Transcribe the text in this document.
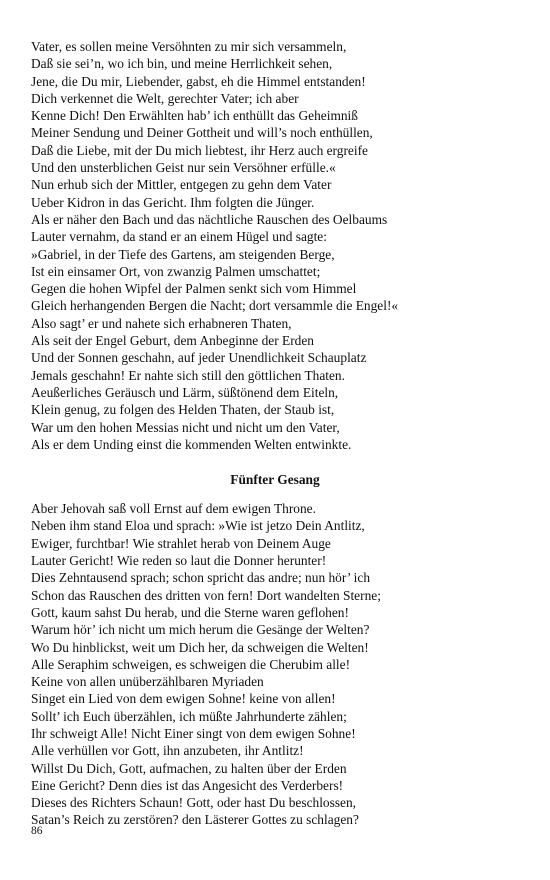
Vater, es sollen meine Versöhnten zu mir sich versammeln,
Daß sie sei’n, wo ich bin, und meine Herrlichkeit sehen,
Jene, die Du mir, Liebender, gabst, eh die Himmel entstanden!
Dich verkennet die Welt, gerechter Vater; ich aber
Kenne Dich! Den Erwählten hab’ ich enthüllt das Geheimniß
Meiner Sendung und Deiner Gottheit und will’s noch enthüllen,
Daß die Liebe, mit der Du mich liebtest, ihr Herz auch ergreife
Und den unsterblichen Geist nur sein Versöhner erfülle.«
Nun erhub sich der Mittler, entgegen zu gehn dem Vater
Ueber Kidron in das Gericht. Ihm folgten die Jünger.
Als er näher den Bach und das nächtliche Rauschen des Oelbaums
Lauter vernahm, da stand er an einem Hügel und sagte:
»Gabriel, in der Tiefe des Gartens, am steigenden Berge,
Ist ein einsamer Ort, von zwanzig Palmen umschattet;
Gegen die hohen Wipfel der Palmen senkt sich vom Himmel
Gleich herhangenden Bergen die Nacht; dort versammle die Engel!«
Also sagt’ er und nahete sich erhabneren Thaten,
Als seit der Engel Geburt, dem Anbeginne der Erden
Und der Sonnen geschahn, auf jeder Unendlichkeit Schauplatz
Jemals geschahn! Er nahte sich still den göttlichen Thaten.
Aeußerliches Geräusch und Lärm, süßtönend dem Eiteln,
Klein genug, zu folgen des Helden Thaten, der Staub ist,
War um den hohen Messias nicht und nicht um den Vater,
Als er dem Unding einst die kommenden Welten entwinkte.
Fünfter Gesang
Aber Jehovah saß voll Ernst auf dem ewigen Throne.
Neben ihm stand Eloa und sprach: »Wie ist jetzo Dein Antlitz,
Ewiger, furchtbar! Wie strahlet herab von Deinem Auge
Lauter Gericht! Wie reden so laut die Donner herunter!
Dies Zehntausend sprach; schon spricht das andre; nun hör’ ich
Schon das Rauschen des dritten von fern! Dort wandelten Sterne;
Gott, kaum sahst Du herab, und die Sterne waren geflohen!
Warum hör’ ich nicht um mich herum die Gesänge der Welten?
Wo Du hinblickst, weit um Dich her, da schweigen die Welten!
Alle Seraphim schweigen, es schweigen die Cherubim alle!
Keine von allen unüberzählbaren Myriaden
Singet ein Lied von dem ewigen Sohne! keine von allen!
Sollt’ ich Euch überzählen, ich müßte Jahrhunderte zählen;
Ihr schweigt Alle! Nicht Einer singt von dem ewigen Sohne!
Alle verhüllen vor Gott, ihn anzubeten, ihr Antlitz!
Willst Du Dich, Gott, aufmachen, zu halten über der Erden
Eine Gericht? Denn dies ist das Angesicht des Verderbers!
Dieses des Richters Schaun! Gott, oder hast Du beschlossen,
Satan’s Reich zu zerstören? den Lästerer Gottes zu schlagen?
86
